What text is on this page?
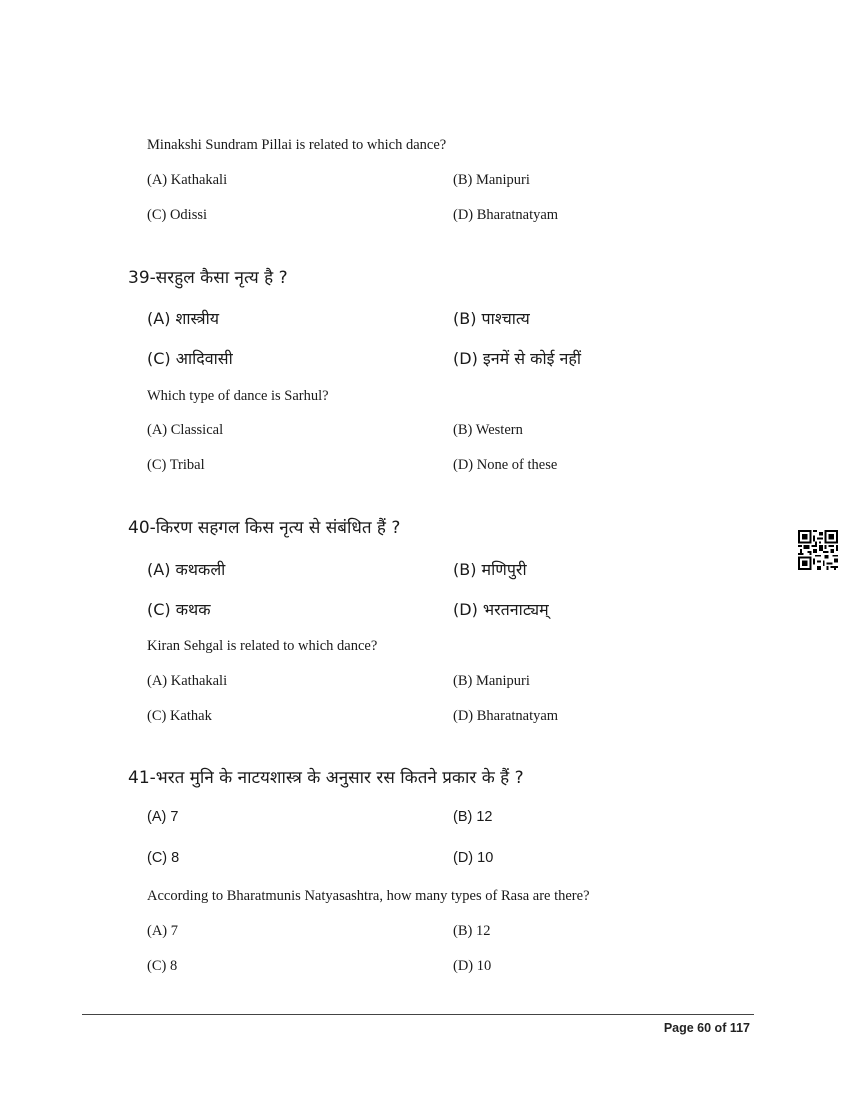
Minakshi Sundram Pillai is related to which dance?
(A) Kathakali	(B) Manipuri
(C) Odissi	(D) Bharatnatyam
39-सरहुल कैसा नृत्य है ?
(A) शास्त्रीय	(B) पाश्चात्य
(C) आदिवासी	(D) इनमें से कोई नहीं
Which type of dance is Sarhul?
(A) Classical	(B) Western
(C) Tribal	(D) None of these
40-किरण सहगल किस नृत्य से संबंधित हैं ?
(A) कथकली	(B) मणिपुरी
(C) कथक	(D) भरतनाट्यम्
Kiran Sehgal is related to which dance?
(A) Kathakali	(B) Manipuri
(C) Kathak	(D) Bharatnatyam
41-भरत मुनि के नाटयशास्त्र के अनुसार रस कितने प्रकार के हैं ?
(A) 7	(B) 12
(C) 8	(D) 10
According to Bharatmunis Natyasashtra, how many types of Rasa are there?
(A) 7	(B) 12
(C) 8	(D) 10
Page 60 of 117
